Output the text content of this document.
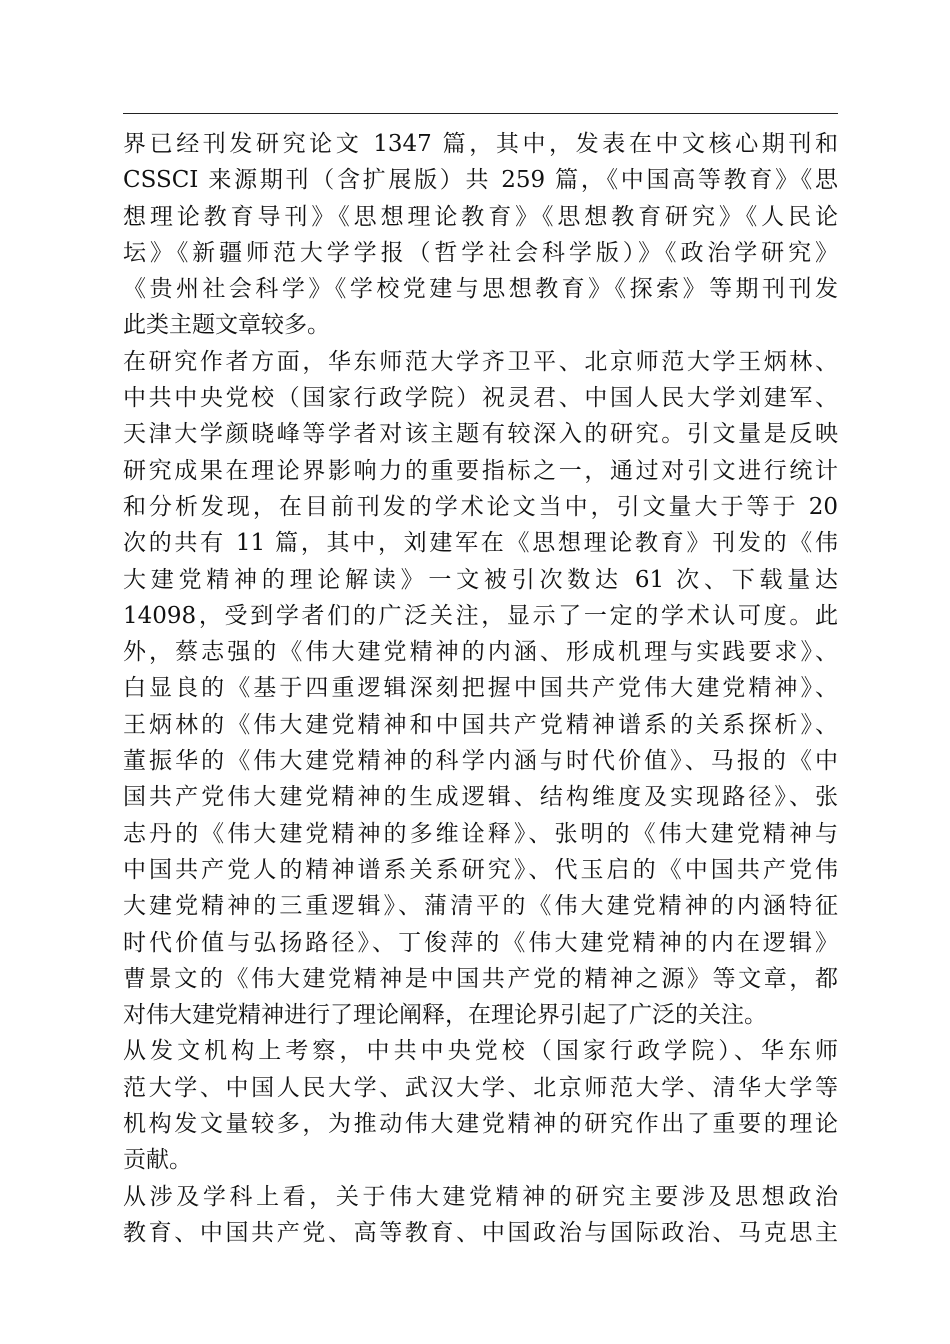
界已经刊发研究论文 1347 篇，其中，发表在中文核心期刊和
CSSCI 来源期刊（含扩展版）共 259 篇，《中国高等教育》《思
想理论教育导刊》《思想理论教育》《思想教育研究》《人民论
坛》《新疆师范大学学报（哲学社会科学版）》《政治学研究》
《贵州社会科学》《学校党建与思想教育》《探索》等期刊刊发
此类主题文章较多。
在研究作者方面，华东师范大学齐卫平、北京师范大学王炳林、
中共中央党校（国家行政学院）祝灵君、中国人民大学刘建军、
天津大学颜晓峰等学者对该主题有较深入的研究。引文量是反映
研究成果在理论界影响力的重要指标之一，通过对引文进行统计
和分析发现，在目前刊发的学术论文当中，引文量大于等于 20
次的共有 11 篇，其中，刘建军在《思想理论教育》刊发的《伟
大建党精神的理论解读》一文被引次数达 61 次、下载量达
14098，受到学者们的广泛关注，显示了一定的学术认可度。此
外，蔡志强的《伟大建党精神的内涵、形成机理与实践要求》、
白显良的《基于四重逻辑深刻把握中国共产党伟大建党精神》、
王炳林的《伟大建党精神和中国共产党精神谱系的关系探析》、
董振华的《伟大建党精神的科学内涵与时代价值》、马报的《中
国共产党伟大建党精神的生成逻辑、结构维度及实现路径》、张
志丹的《伟大建党精神的多维诠释》、张明的《伟大建党精神与
中国共产党人的精神谱系关系研究》、代玉启的《中国共产党伟
大建党精神的三重逻辑》、蒲清平的《伟大建党精神的内涵特征
时代价值与弘扬路径》、丁俊萍的《伟大建党精神的内在逻辑》
曹景文的《伟大建党精神是中国共产党的精神之源》等文章，都
对伟大建党精神进行了理论阐释，在理论界引起了广泛的关注。
从发文机构上考察，中共中央党校（国家行政学院）、华东师
范大学、中国人民大学、武汉大学、北京师范大学、清华大学等
机构发文量较多，为推动伟大建党精神的研究作出了重要的理论
贡献。
从涉及学科上看，关于伟大建党精神的研究主要涉及思想政治
教育、中国共产党、高等教育、中国政治与国际政治、马克思主
